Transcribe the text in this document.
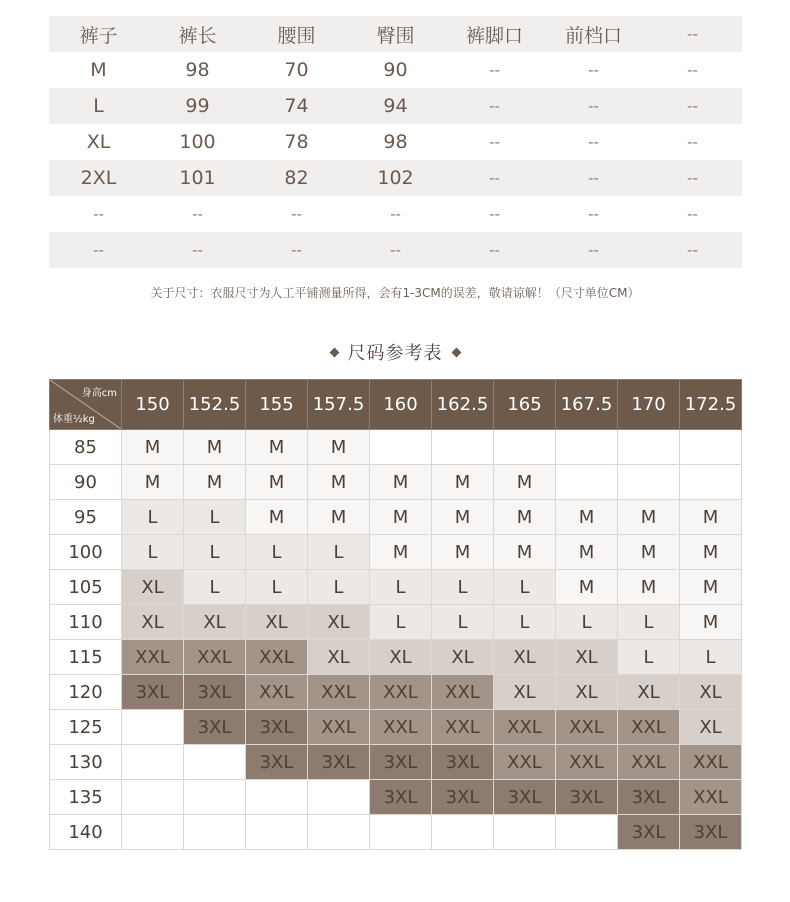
裤子	裤长	腰围	臀围	裤脚口	前档口	--
M	98	70	90	--	--	--
L	99	74	94	--	--	--
XL	100	78	98	--	--	--
2XL	101	82	102	--	--	--
--	--	--	--	--	--	--
--	--	--	--	--	--	--
关于尺寸：衣服尺寸为人工平铺测量所得，会有1-3CM的误差，敬请谅解！（尺寸单位CM）
尺码参考表
身高cm
体重½kg	150	152.5	155	157.5	160	162.5	165	167.5	170	172.5
85	M	M	M	M						
90	M	M	M	M	M	M	M			
95	L	L	M	M	M	M	M	M	M	M
100	L	L	L	L	M	M	M	M	M	M
105	XL	L	L	L	L	L	L	M	M	M
110	XL	XL	XL	XL	L	L	L	L	L	M
115	XXL	XXL	XXL	XL	XL	XL	XL	XL	L	L
120	3XL	3XL	XXL	XXL	XXL	XXL	XL	XL	XL	XL
125		3XL	3XL	XXL	XXL	XXL	XXL	XXL	XXL	XL
130			3XL	3XL	3XL	3XL	XXL	XXL	XXL	XXL
135					3XL	3XL	3XL	3XL	3XL	XXL
140									3XL	3XL
